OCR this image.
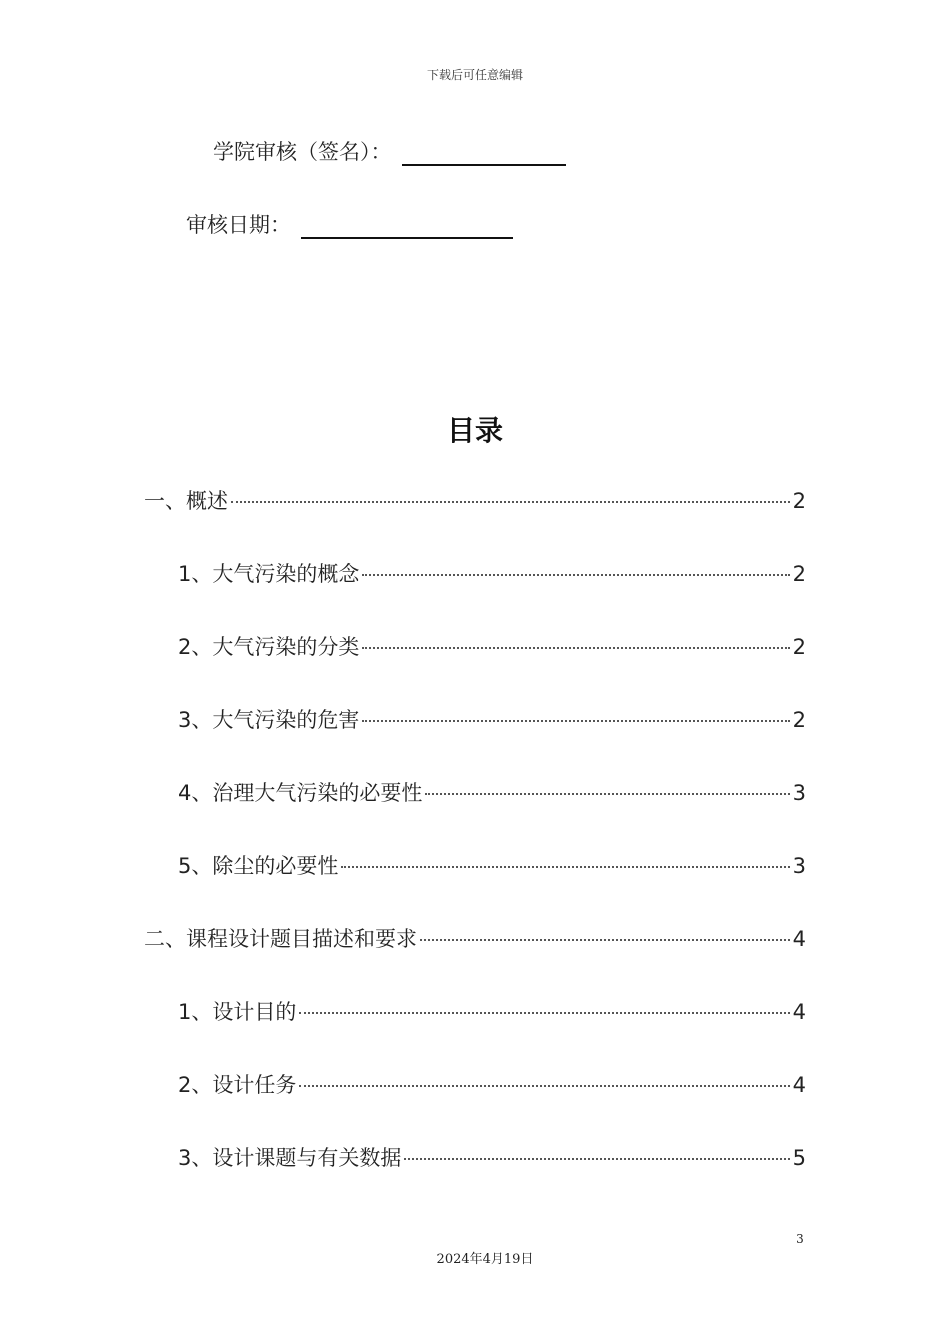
下载后可任意编辑
学院审核（签名）：
审核日期：
目录
一、概述	2
1、大气污染的概念	2
2、大气污染的分类	2
3、大气污染的危害	2
4、治理大气污染的必要性	3
5、除尘的必要性	3
二、课程设计题目描述和要求	4
1、设计目的	4
2、设计任务	4
3、设计课题与有关数据	5
3
2024年4月19日
